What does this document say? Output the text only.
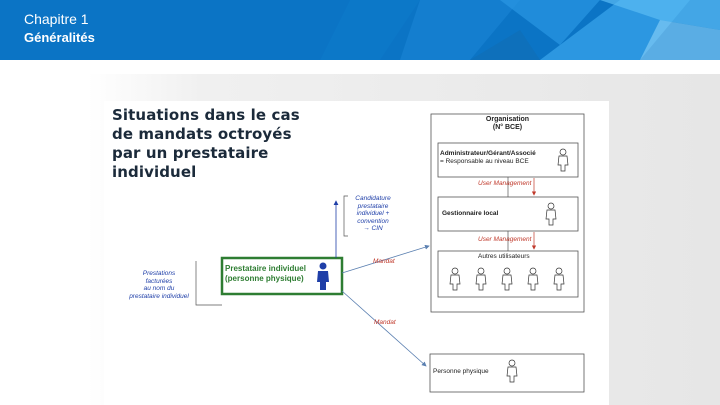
Chapitre 1
Généralités
Situations dans le cas
de mandats octroyés
par un prestataire
individuel
Organisation
(N° BCE)
Administrateur/Gérant/Associé
= Responsable au niveau BCE
User Management
Gestionnaire local
User Management
Autres utilisateurs
Candidature
prestataire
individuel +
convention
→ CIN
Mandat
Mandat
Prestataire individuel
(personne physique)
Prestations
facturées
au nom du
prestataire individuel
Personne physique
